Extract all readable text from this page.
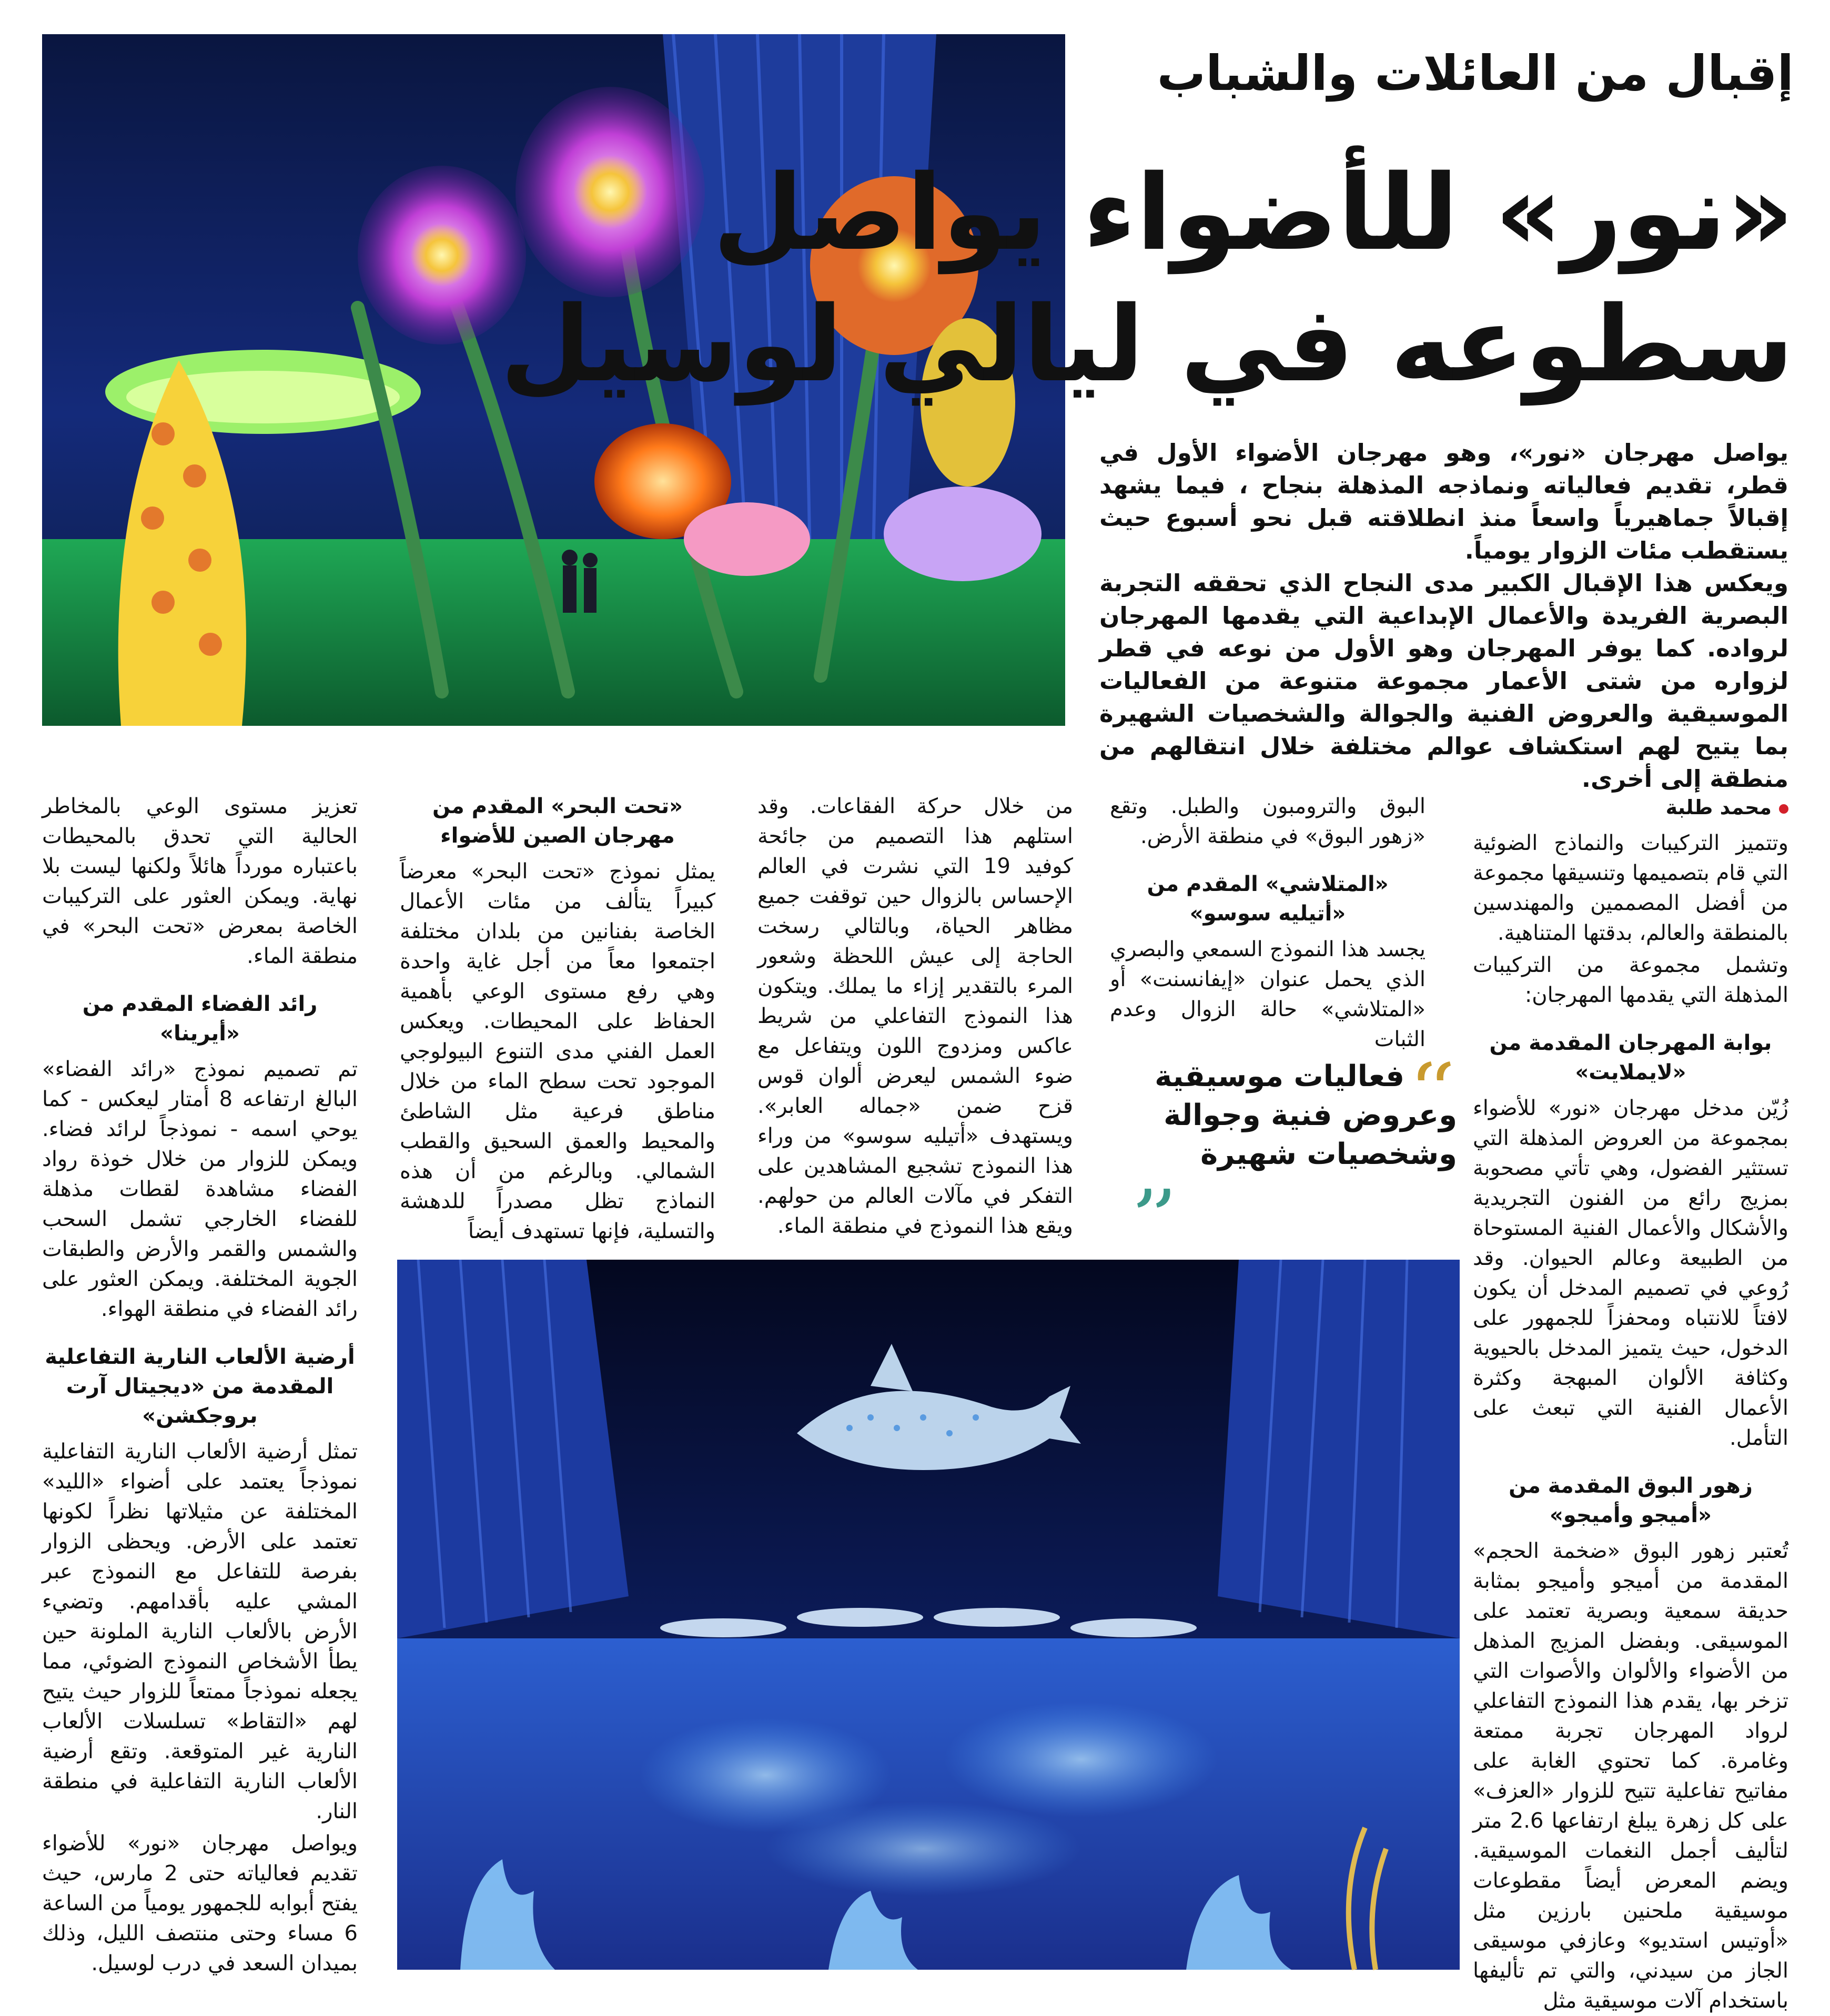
إقبال من العائلات والشباب
«نور» للأضواء يواصل
سطوعه في ليالي لوسيل

يواصل مهرجان «نور»، وهو مهرجان الأضواء الأول في قطر، تقديم فعالياته ونماذجه المذهلة بنجاح ، فيما يشهد إقبالاً جماهيرياً واسعاً منذ انطلاقته قبل نحو أسبوع حيث يستقطب مئات الزوار يومياً.

ويعكس هذا الإقبال الكبير مدى النجاح الذي تحققه التجربة البصرية الفريدة والأعمال الإبداعية التي يقدمها المهرجان لرواده. كما يوفر المهرجان وهو الأول من نوعه في قطر لزواره من شتى الأعمار مجموعة متنوعة من الفعاليات الموسيقية والعروض الفنية والجوالة والشخصيات الشهيرة بما يتيح لهم استكشاف عوالم مختلفة خلال انتقالهم من منطقة إلى أخرى.

محمد طلبة

وتتميز التركيبات والنماذج الضوئية التي قام بتصميمها وتنسيقها مجموعة من أفضل المصممين والمهندسين بالمنطقة والعالم، بدقتها المتناهية.

وتشمل مجموعة من التركيبات المذهلة التي يقدمها المهرجان:

بوابة المهرجان المقدمة من «لايملايت»

زُيّن مدخل مهرجان «نور» للأضواء بمجموعة من العروض المذهلة التي تستثير الفضول، وهي تأتي مصحوبة بمزيج رائع من الفنون التجريدية والأشكال والأعمال الفنية المستوحاة من الطبيعة وعالم الحيوان. وقد رُوعي في تصميم المدخل أن يكون لافتاً للانتباه ومحفزاً للجمهور على الدخول، حيث يتميز المدخل بالحيوية وكثافة الألوان المبهجة وكثرة الأعمال الفنية التي تبعث على التأمل.

زهور البوق المقدمة من «أميجو وأميجو»

تُعتبر زهور البوق «ضخمة الحجم» المقدمة من أميجو وأميجو بمثابة حديقة سمعية وبصرية تعتمد على الموسيقى. وبفضل المزيج المذهل من الأضواء والألوان والأصوات التي تزخر بها، يقدم هذا النموذج التفاعلي لرواد المهرجان تجربة ممتعة وغامرة. كما تحتوي الغابة على مفاتيح تفاعلية تتيح للزوار «العزف» على كل زهرة يبلغ ارتفاعها 2.6 متر لتأليف أجمل النغمات الموسيقية. ويضم المعرض أيضاً مقطوعات موسيقية ملحنين بارزين مثل «أوتيس استديو» وعازفي موسيقى الجاز من سيدني، والتي تم تأليفها باستخدام آلات موسيقية مثل

البوق والترومبون والطبل. وتقع «زهور البوق» في منطقة الأرض.

«المتلاشي» المقدم من «أتيليه سوسو»

يجسد هذا النموذج السمعي والبصري الذي يحمل عنوان «إيفانسنت» أو «المتلاشي» حالة الزوال وعدم الثبات

فعاليات موسيقية
وعروض فنية وجوالة
وشخصيات شهيرة

من خلال حركة الفقاعات. وقد استلهم هذا التصميم من جائحة كوفيد 19 التي نشرت في العالم الإحساس بالزوال حين توقفت جميع مظاهر الحياة، وبالتالي رسخت الحاجة إلى عيش اللحظة وشعور المرء بالتقدير إزاء ما يملك. ويتكون هذا النموذج التفاعلي من شريط عاكس ومزدوج اللون ويتفاعل مع ضوء الشمس ليعرض ألوان قوس قزح ضمن «جماله العابر». ويستهدف «أتيليه سوسو» من وراء هذا النموذج تشجيع المشاهدين على التفكر في مآلات العالم من حولهم. ويقع هذا النموذج في منطقة الماء.

«تحت البحر» المقدم من مهرجان الصين للأضواء

يمثل نموذج «تحت البحر» معرضاً كبيراً يتألف من مئات الأعمال الخاصة بفنانين من بلدان مختلفة اجتمعوا معاً من أجل غاية واحدة وهي رفع مستوى الوعي بأهمية الحفاظ على المحيطات. ويعكس العمل الفني مدى التنوع البيولوجي الموجود تحت سطح الماء من خلال مناطق فرعية مثل الشاطئ والمحيط والعمق السحيق والقطب الشمالي. وبالرغم من أن هذه النماذج تظل مصدراً للدهشة والتسلية، فإنها تستهدف أيضاً

تعزيز مستوى الوعي بالمخاطر الحالية التي تحدق بالمحيطات باعتباره مورداً هائلاً ولكنها ليست بلا نهاية. ويمكن العثور على التركيبات الخاصة بمعرض «تحت البحر» في منطقة الماء.

رائد الفضاء المقدم من «أيرينا»

تم تصميم نموذج «رائد الفضاء» البالغ ارتفاعه 8 أمتار ليعكس - كما يوحي اسمه - نموذجاً لرائد فضاء. ويمكن للزوار من خلال خوذة رواد الفضاء مشاهدة لقطات مذهلة للفضاء الخارجي تشمل السحب والشمس والقمر والأرض والطبقات الجوية المختلفة. ويمكن العثور على رائد الفضاء في منطقة الهواء.

أرضية الألعاب النارية التفاعلية المقدمة من «ديجيتال آرت بروجكشن»

تمثل أرضية الألعاب النارية التفاعلية نموذجاً يعتمد على أضواء «الليد» المختلفة عن مثيلاتها نظراً لكونها تعتمد على الأرض. ويحظى الزوار بفرصة للتفاعل مع النموذج عبر المشي عليه بأقدامهم. وتضيء الأرض بالألعاب النارية الملونة حين يطأ الأشخاص النموذج الضوئي، مما يجعله نموذجاً ممتعاً للزوار حيث يتيح لهم «التقاط» تسلسلات الألعاب النارية غير المتوقعة. وتقع أرضية الألعاب النارية التفاعلية في منطقة النار.

ويواصل مهرجان «نور» للأضواء تقديم فعالياته حتى 2 مارس، حيث يفتح أبوابه للجمهور يومياً من الساعة 6 مساء وحتى منتصف الليل، وذلك بميدان السعد في درب لوسيل.
